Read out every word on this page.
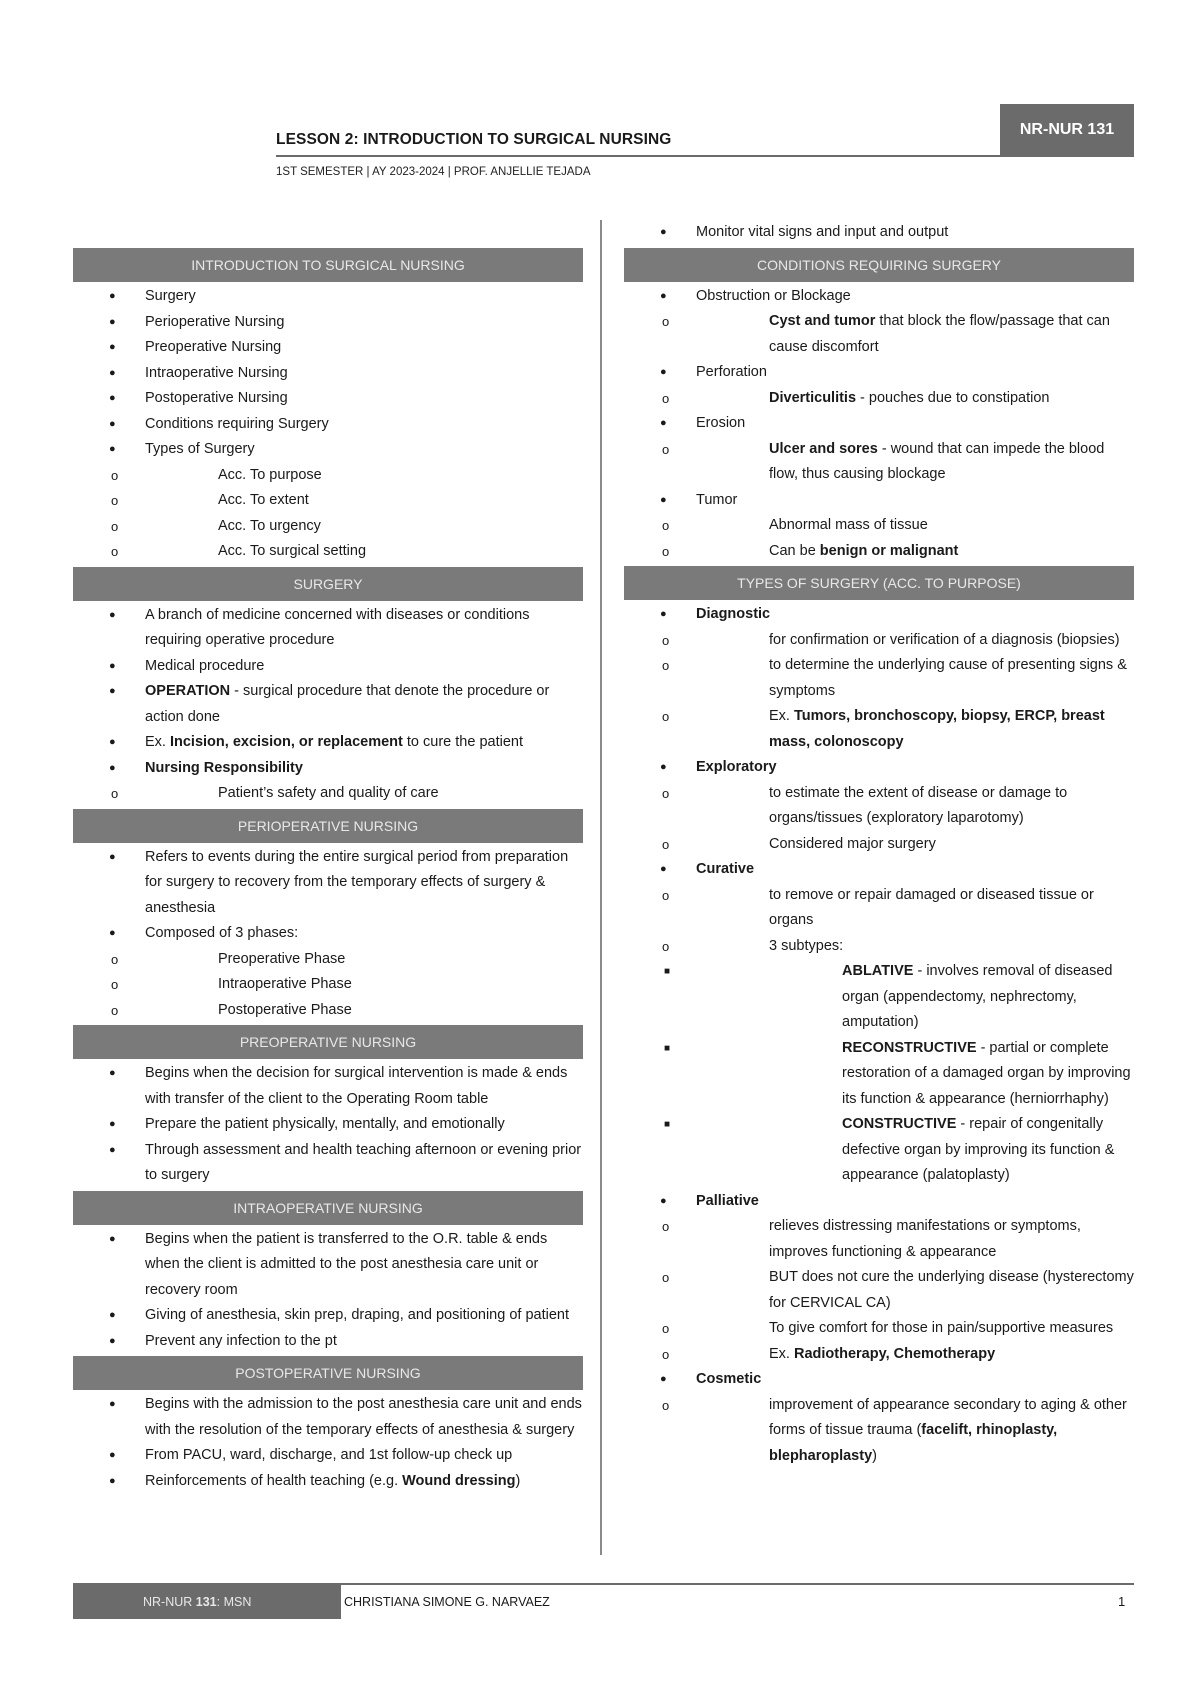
LESSON 2: INTRODUCTION TO SURGICAL NURSING
NR-NUR 131
1ST SEMESTER | AY 2023-2024 | PROF. ANJELLIE TEJADA
INTRODUCTION TO SURGICAL NURSING
● Surgery
● Perioperative Nursing
● Preoperative Nursing
● Intraoperative Nursing
● Postoperative Nursing
● Conditions requiring Surgery
● Types of Surgery
o Acc. To purpose
o Acc. To extent
o Acc. To urgency
o Acc. To surgical setting
SURGERY
● A branch of medicine concerned with diseases or conditions requiring operative procedure
● Medical procedure
● OPERATION - surgical procedure that denote the procedure or action done
● Ex. Incision, excision, or replacement to cure the patient
● Nursing Responsibility
o Patient’s safety and quality of care
PERIOPERATIVE NURSING
● Refers to events during the entire surgical period from preparation for surgery to recovery from the temporary effects of surgery & anesthesia
● Composed of 3 phases:
o Preoperative Phase
o Intraoperative Phase
o Postoperative Phase
PREOPERATIVE NURSING
● Begins when the decision for surgical intervention is made & ends with transfer of the client to the Operating Room table
● Prepare the patient physically, mentally, and emotionally
● Through assessment and health teaching afternoon or evening prior to surgery
INTRAOPERATIVE NURSING
● Begins when the patient is transferred to the O.R. table & ends when the client is admitted to the post anesthesia care unit or recovery room
● Giving of anesthesia, skin prep, draping, and positioning of patient
● Prevent any infection to the pt
POSTOPERATIVE NURSING
● Begins with the admission to the post anesthesia care unit and ends with the resolution of the temporary effects of anesthesia & surgery
● From PACU, ward, discharge, and 1st follow-up check up
● Reinforcements of health teaching (e.g. Wound dressing)
● Monitor vital signs and input and output
CONDITIONS REQUIRING SURGERY
● Obstruction or Blockage
o Cyst and tumor that block the flow/passage that can cause discomfort
● Perforation
o Diverticulitis - pouches due to constipation
● Erosion
o Ulcer and sores - wound that can impede the blood flow, thus causing blockage
● Tumor
o Abnormal mass of tissue
o Can be benign or malignant
TYPES OF SURGERY (ACC. TO PURPOSE)
● Diagnostic
o for confirmation or verification of a diagnosis (biopsies)
o to determine the underlying cause of presenting signs & symptoms
o Ex. Tumors, bronchoscopy, biopsy, ERCP, breast mass, colonoscopy
● Exploratory
o to estimate the extent of disease or damage to organs/tissues (exploratory laparotomy)
o Considered major surgery
● Curative
o to remove or repair damaged or diseased tissue or organs
o 3 subtypes:
■ ABLATIVE - involves removal of diseased organ (appendectomy, nephrectomy, amputation)
■ RECONSTRUCTIVE - partial or complete restoration of a damaged organ by improving its function & appearance (herniorrhaphy)
■ CONSTRUCTIVE - repair of congenitally defective organ by improving its function & appearance (palatoplasty)
● Palliative
o relieves distressing manifestations or symptoms, improves functioning & appearance
o BUT does not cure the underlying disease (hysterectomy for CERVICAL CA)
o To give comfort for those in pain/supportive measures
o Ex. Radiotherapy, Chemotherapy
● Cosmetic
o improvement of appearance secondary to aging & other forms of tissue trauma (facelift, rhinoplasty, blepharoplasty)
NR-NUR 131: MSN	CHRISTIANA SIMONE G. NARVAEZ	1
